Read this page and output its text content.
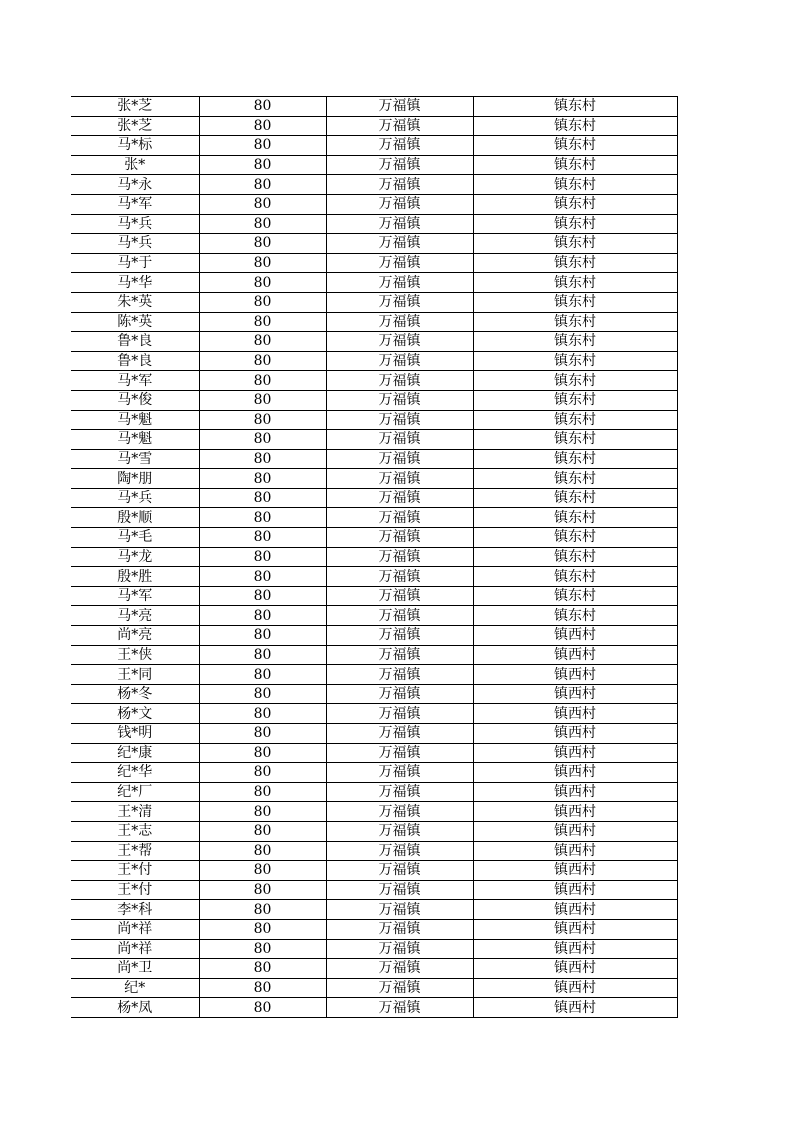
张*芝	80	万福镇	镇东村
张*芝	80	万福镇	镇东村
马*标	80	万福镇	镇东村
张*	80	万福镇	镇东村
马*永	80	万福镇	镇东村
马*军	80	万福镇	镇东村
马*兵	80	万福镇	镇东村
马*兵	80	万福镇	镇东村
马*于	80	万福镇	镇东村
马*华	80	万福镇	镇东村
朱*英	80	万福镇	镇东村
陈*英	80	万福镇	镇东村
鲁*良	80	万福镇	镇东村
鲁*良	80	万福镇	镇东村
马*军	80	万福镇	镇东村
马*俊	80	万福镇	镇东村
马*魁	80	万福镇	镇东村
马*魁	80	万福镇	镇东村
马*雪	80	万福镇	镇东村
陶*朋	80	万福镇	镇东村
马*兵	80	万福镇	镇东村
殷*顺	80	万福镇	镇东村
马*毛	80	万福镇	镇东村
马*龙	80	万福镇	镇东村
殷*胜	80	万福镇	镇东村
马*军	80	万福镇	镇东村
马*亮	80	万福镇	镇东村
尚*亮	80	万福镇	镇西村
王*侠	80	万福镇	镇西村
王*同	80	万福镇	镇西村
杨*冬	80	万福镇	镇西村
杨*文	80	万福镇	镇西村
钱*明	80	万福镇	镇西村
纪*康	80	万福镇	镇西村
纪*华	80	万福镇	镇西村
纪*厂	80	万福镇	镇西村
王*清	80	万福镇	镇西村
王*志	80	万福镇	镇西村
王*帮	80	万福镇	镇西村
王*付	80	万福镇	镇西村
王*付	80	万福镇	镇西村
李*科	80	万福镇	镇西村
尚*祥	80	万福镇	镇西村
尚*祥	80	万福镇	镇西村
尚*卫	80	万福镇	镇西村
纪*	80	万福镇	镇西村
杨*凤	80	万福镇	镇西村
